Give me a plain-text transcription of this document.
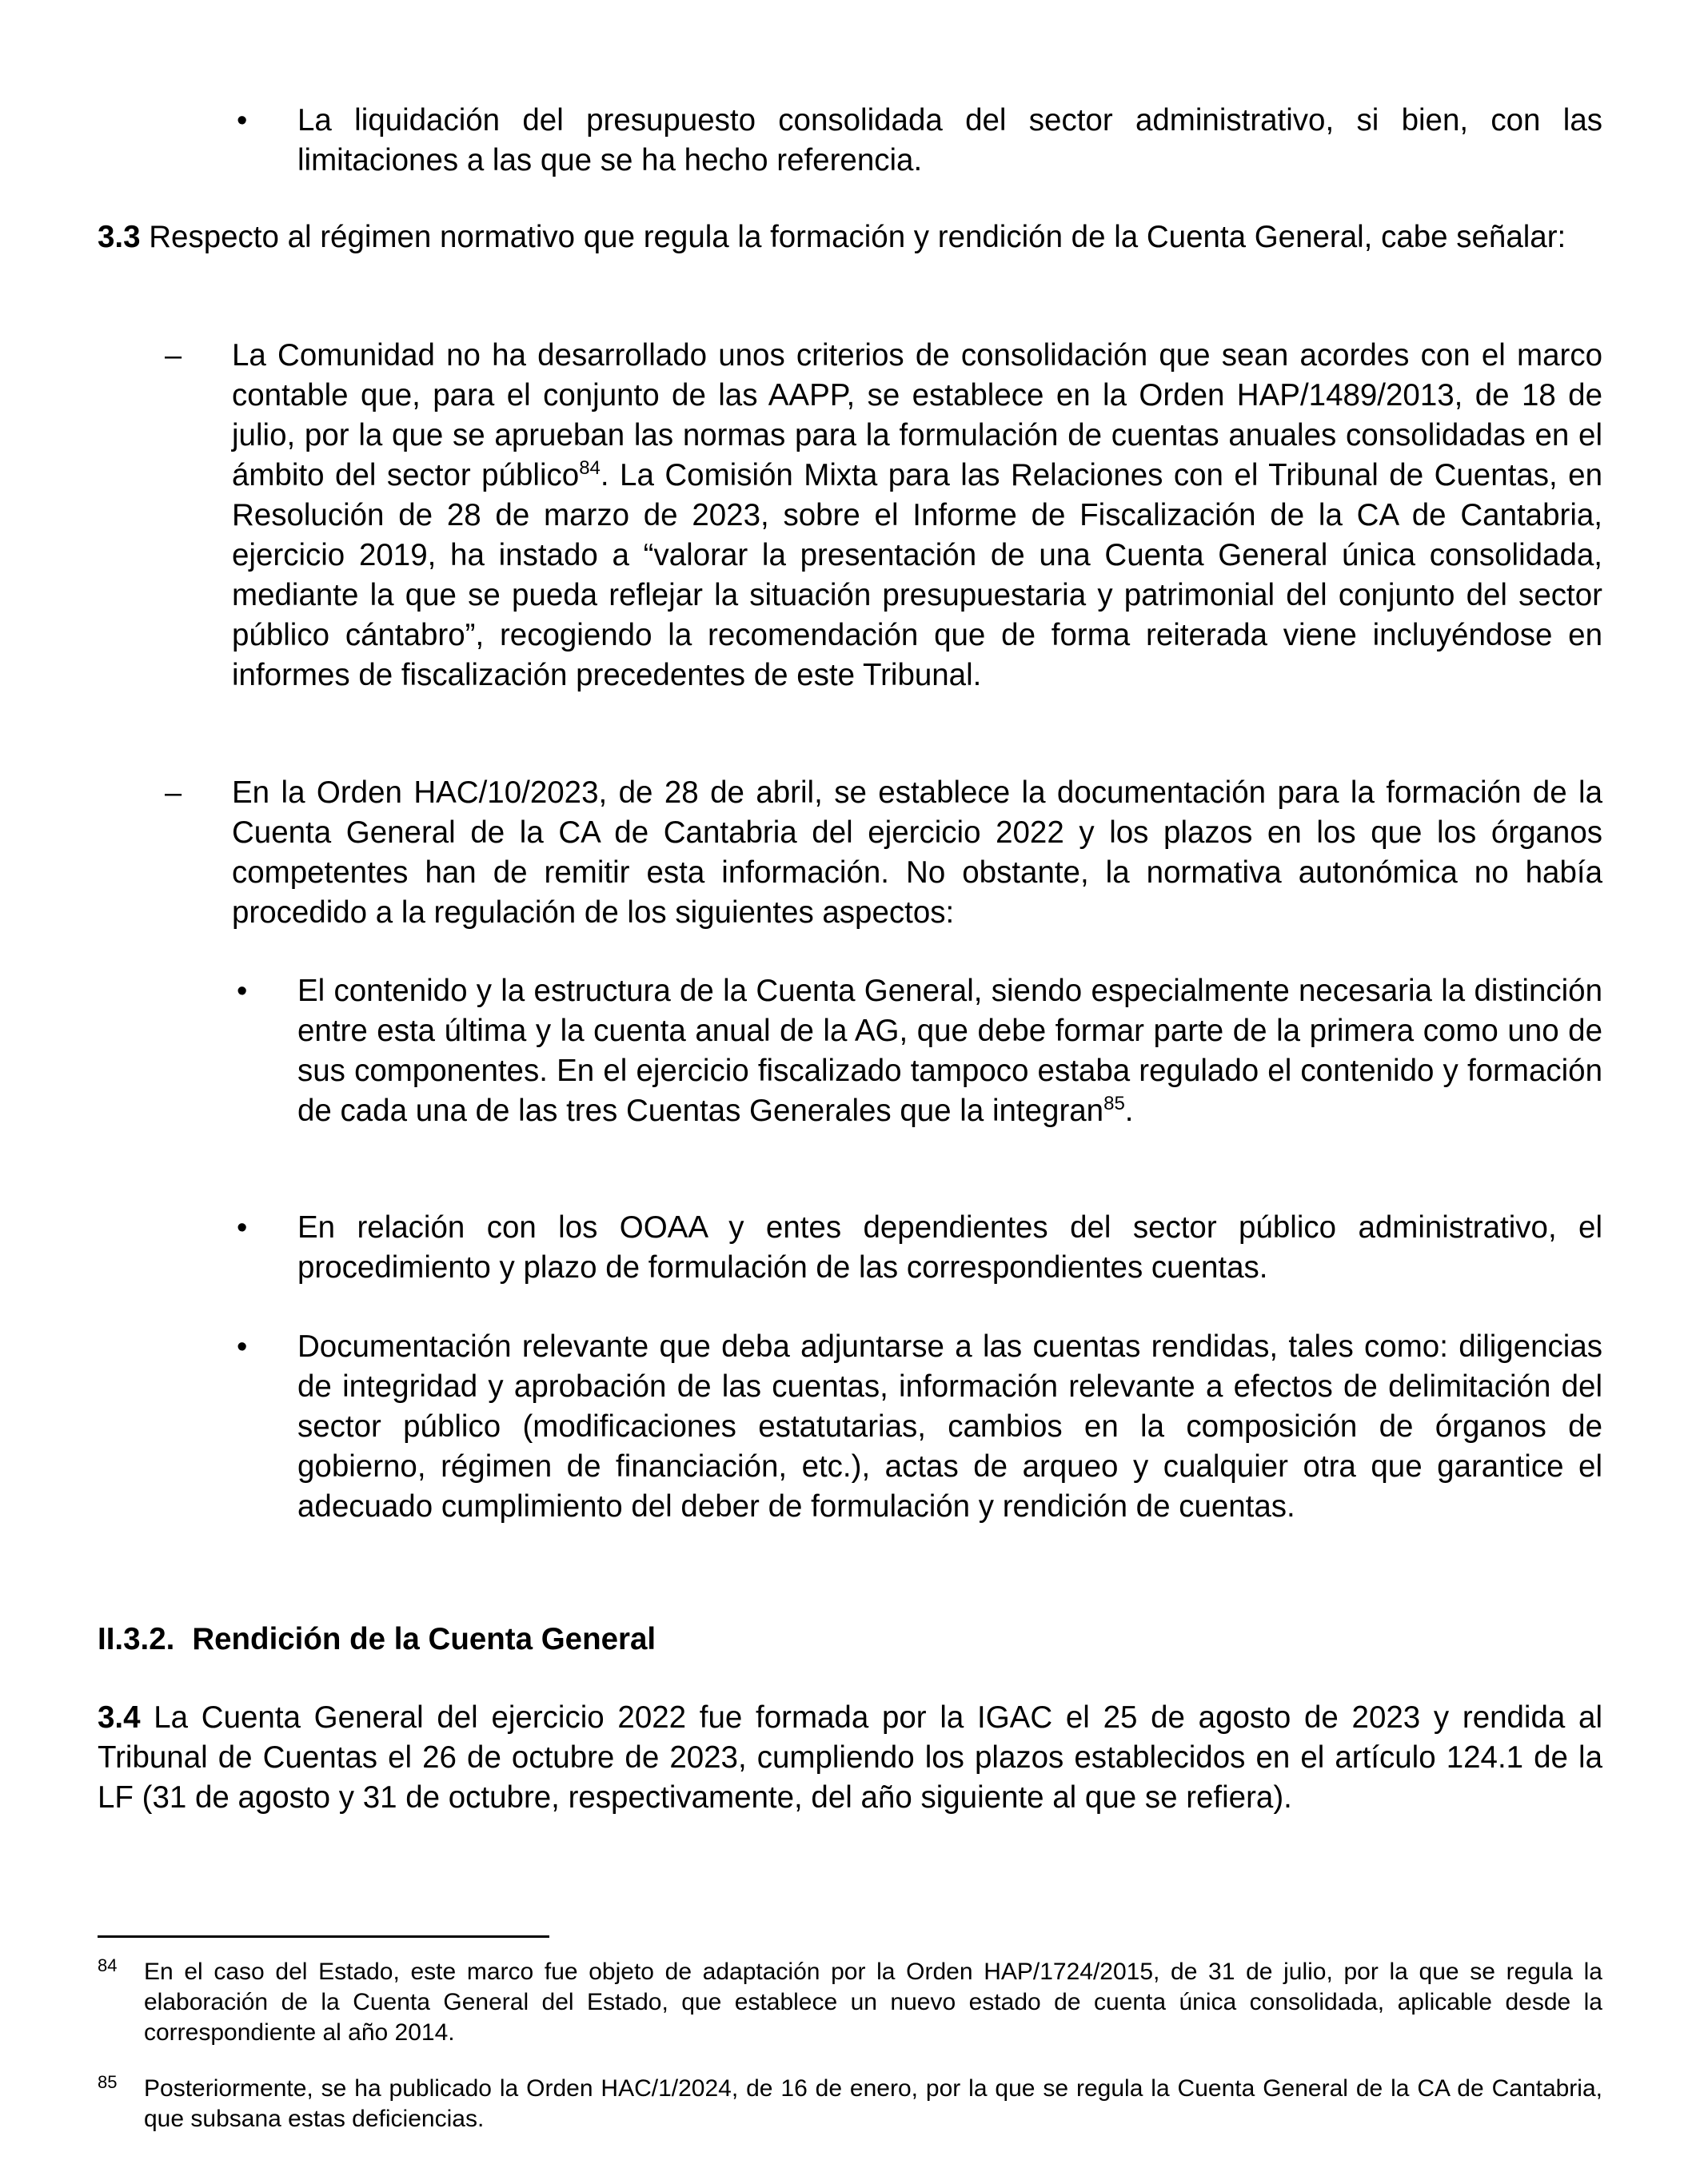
• La liquidación del presupuesto consolidada del sector administrativo, si bien, con las limitaciones a las que se ha hecho referencia.
3.3 Respecto al régimen normativo que regula la formación y rendición de la Cuenta General, cabe señalar:
– La Comunidad no ha desarrollado unos criterios de consolidación que sean acordes con el marco contable que, para el conjunto de las AAPP, se establece en la Orden HAP/1489/2013, de 18 de julio, por la que se aprueban las normas para la formulación de cuentas anuales consolidadas en el ámbito del sector público$^{84}$. La Comisión Mixta para las Relaciones con el Tribunal de Cuentas, en Resolución de 28 de marzo de 2023, sobre el Informe de Fiscalización de la CA de Cantabria, ejercicio 2019, ha instado a “valorar la presentación de una Cuenta General única consolidada, mediante la que se pueda reflejar la situación presupuestaria y patrimonial del conjunto del sector público cántabro”, recogiendo la recomendación que de forma reiterada viene incluyéndose en informes de fiscalización precedentes de este Tribunal.
– En la Orden HAC/10/2023, de 28 de abril, se establece la documentación para la formación de la Cuenta General de la CA de Cantabria del ejercicio 2022 y los plazos en los que los órganos competentes han de remitir esta información. No obstante, la normativa autonómica no había procedido a la regulación de los siguientes aspectos:
• El contenido y la estructura de la Cuenta General, siendo especialmente necesaria la distinción entre esta última y la cuenta anual de la AG, que debe formar parte de la primera como uno de sus componentes. En el ejercicio fiscalizado tampoco estaba regulado el contenido y formación de cada una de las tres Cuentas Generales que la integran$^{85}$.
• En relación con los OOAA y entes dependientes del sector público administrativo, el procedimiento y plazo de formulación de las correspondientes cuentas.
• Documentación relevante que deba adjuntarse a las cuentas rendidas, tales como: diligencias de integridad y aprobación de las cuentas, información relevante a efectos de delimitación del sector público (modificaciones estatutarias, cambios en la composición de órganos de gobierno, régimen de financiación, etc.), actas de arqueo y cualquier otra que garantice el adecuado cumplimiento del deber de formulación y rendición de cuentas.
II.3.2. Rendición de la Cuenta General
3.4 La Cuenta General del ejercicio 2022 fue formada por la IGAC el 25 de agosto de 2023 y rendida al Tribunal de Cuentas el 26 de octubre de 2023, cumpliendo los plazos establecidos en el artículo 124.1 de la LF (31 de agosto y 31 de octubre, respectivamente, del año siguiente al que se refiera).
84 En el caso del Estado, este marco fue objeto de adaptación por la Orden HAP/1724/2015, de 31 de julio, por la que se regula la elaboración de la Cuenta General del Estado, que establece un nuevo estado de cuenta única consolidada, aplicable desde la correspondiente al año 2014.
85 Posteriormente, se ha publicado la Orden HAC/1/2024, de 16 de enero, por la que se regula la Cuenta General de la CA de Cantabria, que subsana estas deficiencias.
